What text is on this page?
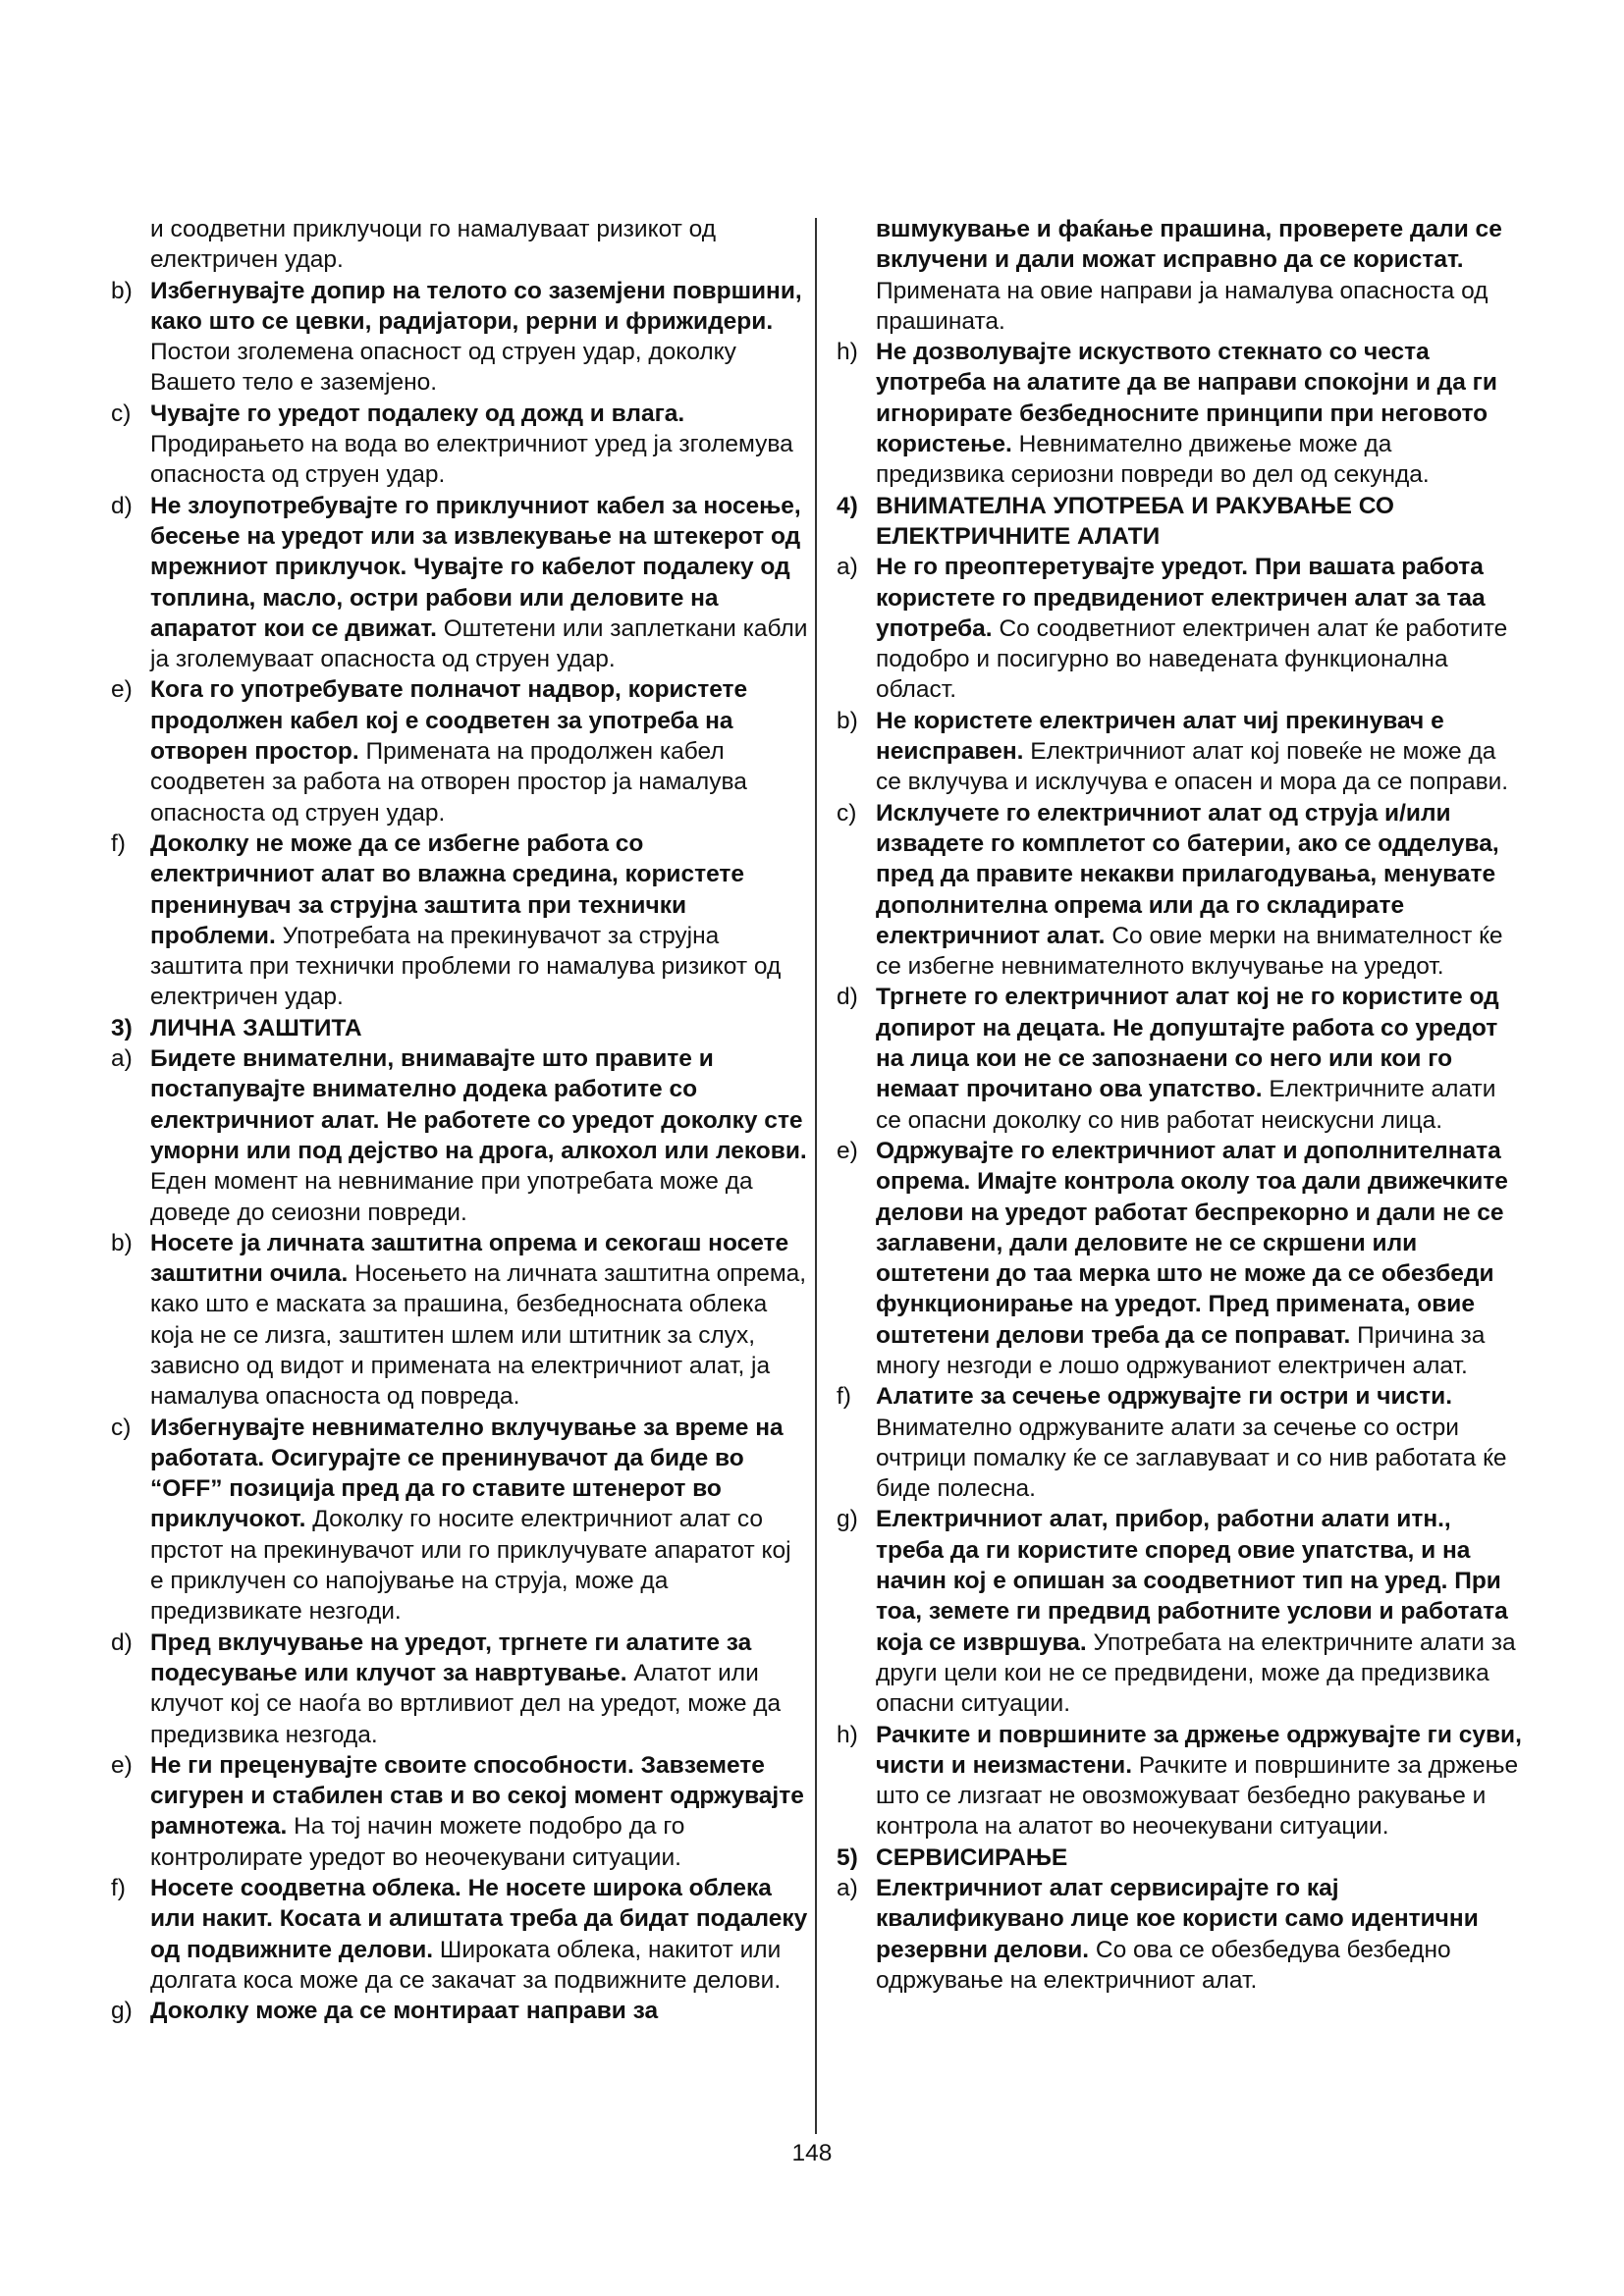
и соодветни приклучоци го намалуваат ризикот од електричен удар.
b) Избегнувајте допир на телото со заземјени површини, како што се цевки, радијатори, рерни и фрижидери. Постои зголемена опасност од струен удар, доколку Вашето тело е заземјено.
c) Чувајте го уредот подалеку од дожд и влага. Продирањето на вода во електричниот уред ја зголемува опасноста од струен удар.
d) Не злоупотребувајте го приклучниот кабел за носење, бесење на уредот или за извлекување на штекерот од мрежниот приклучок. Чувајте го кабелот подалеку од топлина, масло, остри рабови или деловите на апаратот кои се движат. Оштетени или заплеткани кабли ја зголемуваат опасноста од струен удар.
e) Кога го употребувате полначот надвор, користете продолжен кабел кој е соодветен за употреба на отворен простор. Примената на продолжен кабел соодветен за работа на отворен простор ја намалува опасноста од струен удар.
f) Доколку не може да се избегне работа со електричниот алат во влажна средина, користете пренинувач за струјна заштита при технички проблеми. Употребата на прекинувачот за струјна заштита при технички проблеми го намалува ризикот од електричен удар.
3) ЛИЧНА ЗАШТИТА
a) Бидете внимателни, внимавајте што правите и постапувајте внимателно додека работите со електричниот алат. Не работете со уредот доколку сте уморни или под дејство на дрога, алкохол или лекови. Еден момент на невнимание при употребата може да доведе до сеиозни повреди.
b) Носете ја личната заштитна опрема и секогаш носете заштитни очила. Носењето на личната заштитна опрема, како што е маската за прашина, безбедносната облека која не се лизга, заштитен шлем или штитник за слух, зависно од видот и примената на електричниот алат, ја намалува опасноста од повреда.
c) Избегнувајте невнимателно вклучување за време на работата. Осигурајте се пренинувачот да биде во “OFF” позиција пред да го ставите штенерот во приклучокот. Доколку го носите електричниот алат со прстот на прекинувачот или го приклучувате апаратот кој е приклучен со напојување на струја, може да предизвикате незгоди.
d) Пред вклучување на уредот, тргнете ги алатите за подесување или клучот за навртување. Алатот или клучот кој се наоѓа во вртливиот дел на уредот, може да предизвика незгода.
e) Не ги преценувајте своите способности. Завземете сигурен и стабилен став и во секој момент одржувајте рамнотежа. На тој начин можете подобро да го контролирате уредот во неочекувани ситуации.
f) Носете соодветна облека. Не носете широка облека или накит. Косата и алиштата треба да бидат подалеку од подвижните делови. Широката облека, накитот или долгата коса може да се закачат за подвижните делови.
g) Доколку може да се монтираат направи за
вшмукување и фаќање прашина, проверете дали се вклучени и дали можат исправно да се користат. Примената на овие направи ја намалува опасноста од прашината.
h) Не дозволувајте искуството стекнато со честа употреба на алатите да ве направи спокојни и да ги игнорирате безбедносните принципи при неговото користење. Невнимателно движење може да предизвика сериозни повреди во дел од секунда.
4) ВНИМАТЕЛНА УПОТРЕБА И РАКУВАЊЕ СО ЕЛЕКТРИЧНИТЕ АЛАТИ
a) Не го преоптеретувајте уредот. При вашата работа користете го предвидениот електричен алат за таа употреба. Со соодветниот електричен алат ќе работите подобро и посигурно во наведената функционална област.
b) Не користете електричен алат чиј прекинувач е неисправен. Електричниот алат кој повеќе не може да се вклучува и исклучува е опасен и мора да се поправи.
c) Исклучете го електричниот алат од струја и/или извадете го комплетот со батерии, ако се одделува, пред да правите некакви прилагодувања, менувате дополнителна опрема или да го складирате електричниот алат. Со овие мерки на внимателност ќе се избегне невнимателното вклучување на уредот.
d) Тргнете го електричниот алат кој не го користите од допирот на децата. Не допуштајте работа со уредот на лица кои не се запознаени со него или кои го немаат прочитано ова упатство. Електричните алати се опасни доколку со нив работат неискусни лица.
e) Одржувајте го електричниот алат и дополнителната опрема. Имајте контрола околу тоа дали движечките делови на уредот работат беспрекорно и дали не се заглавени, дали деловите не се скршени или оштетени до таа мерка што не може да се обезбеди функционирање на уредот. Пред примената, овие оштетени делови треба да се поправат. Причина за многу незгоди е лошо одржуваниот електричен алат.
f) Алатите за сечење одржувајте ги остри и чисти. Внимателно одржуваните алати за сечење со остри очтрици помалку ќе се заглавуваат и со нив работата ќе биде полесна.
g) Електричниот алат, прибор, работни алати итн., треба да ги користите според овие упатства, и на начин кој е опишан за соодветниот тип на уред. При тоа, земете ги предвид работните услови и работата која се извршува. Употребата на електричните алати за други цели кои не се предвидени, може да предизвика опасни ситуации.
h) Рачките и површините за држење одржувајте ги суви, чисти и неизмастени. Рачките и површините за држење што се лизгаат не овозможуваат безбедно ракување и контрола на алатот во неочекувани ситуации.
5) СЕРВИСИРАЊЕ
a) Електричниот алат сервисирајте го кај квалификувано лице кое користи само идентични резервни делови. Со ова се обезбедува безбедно одржување на електричниот алат.
148
